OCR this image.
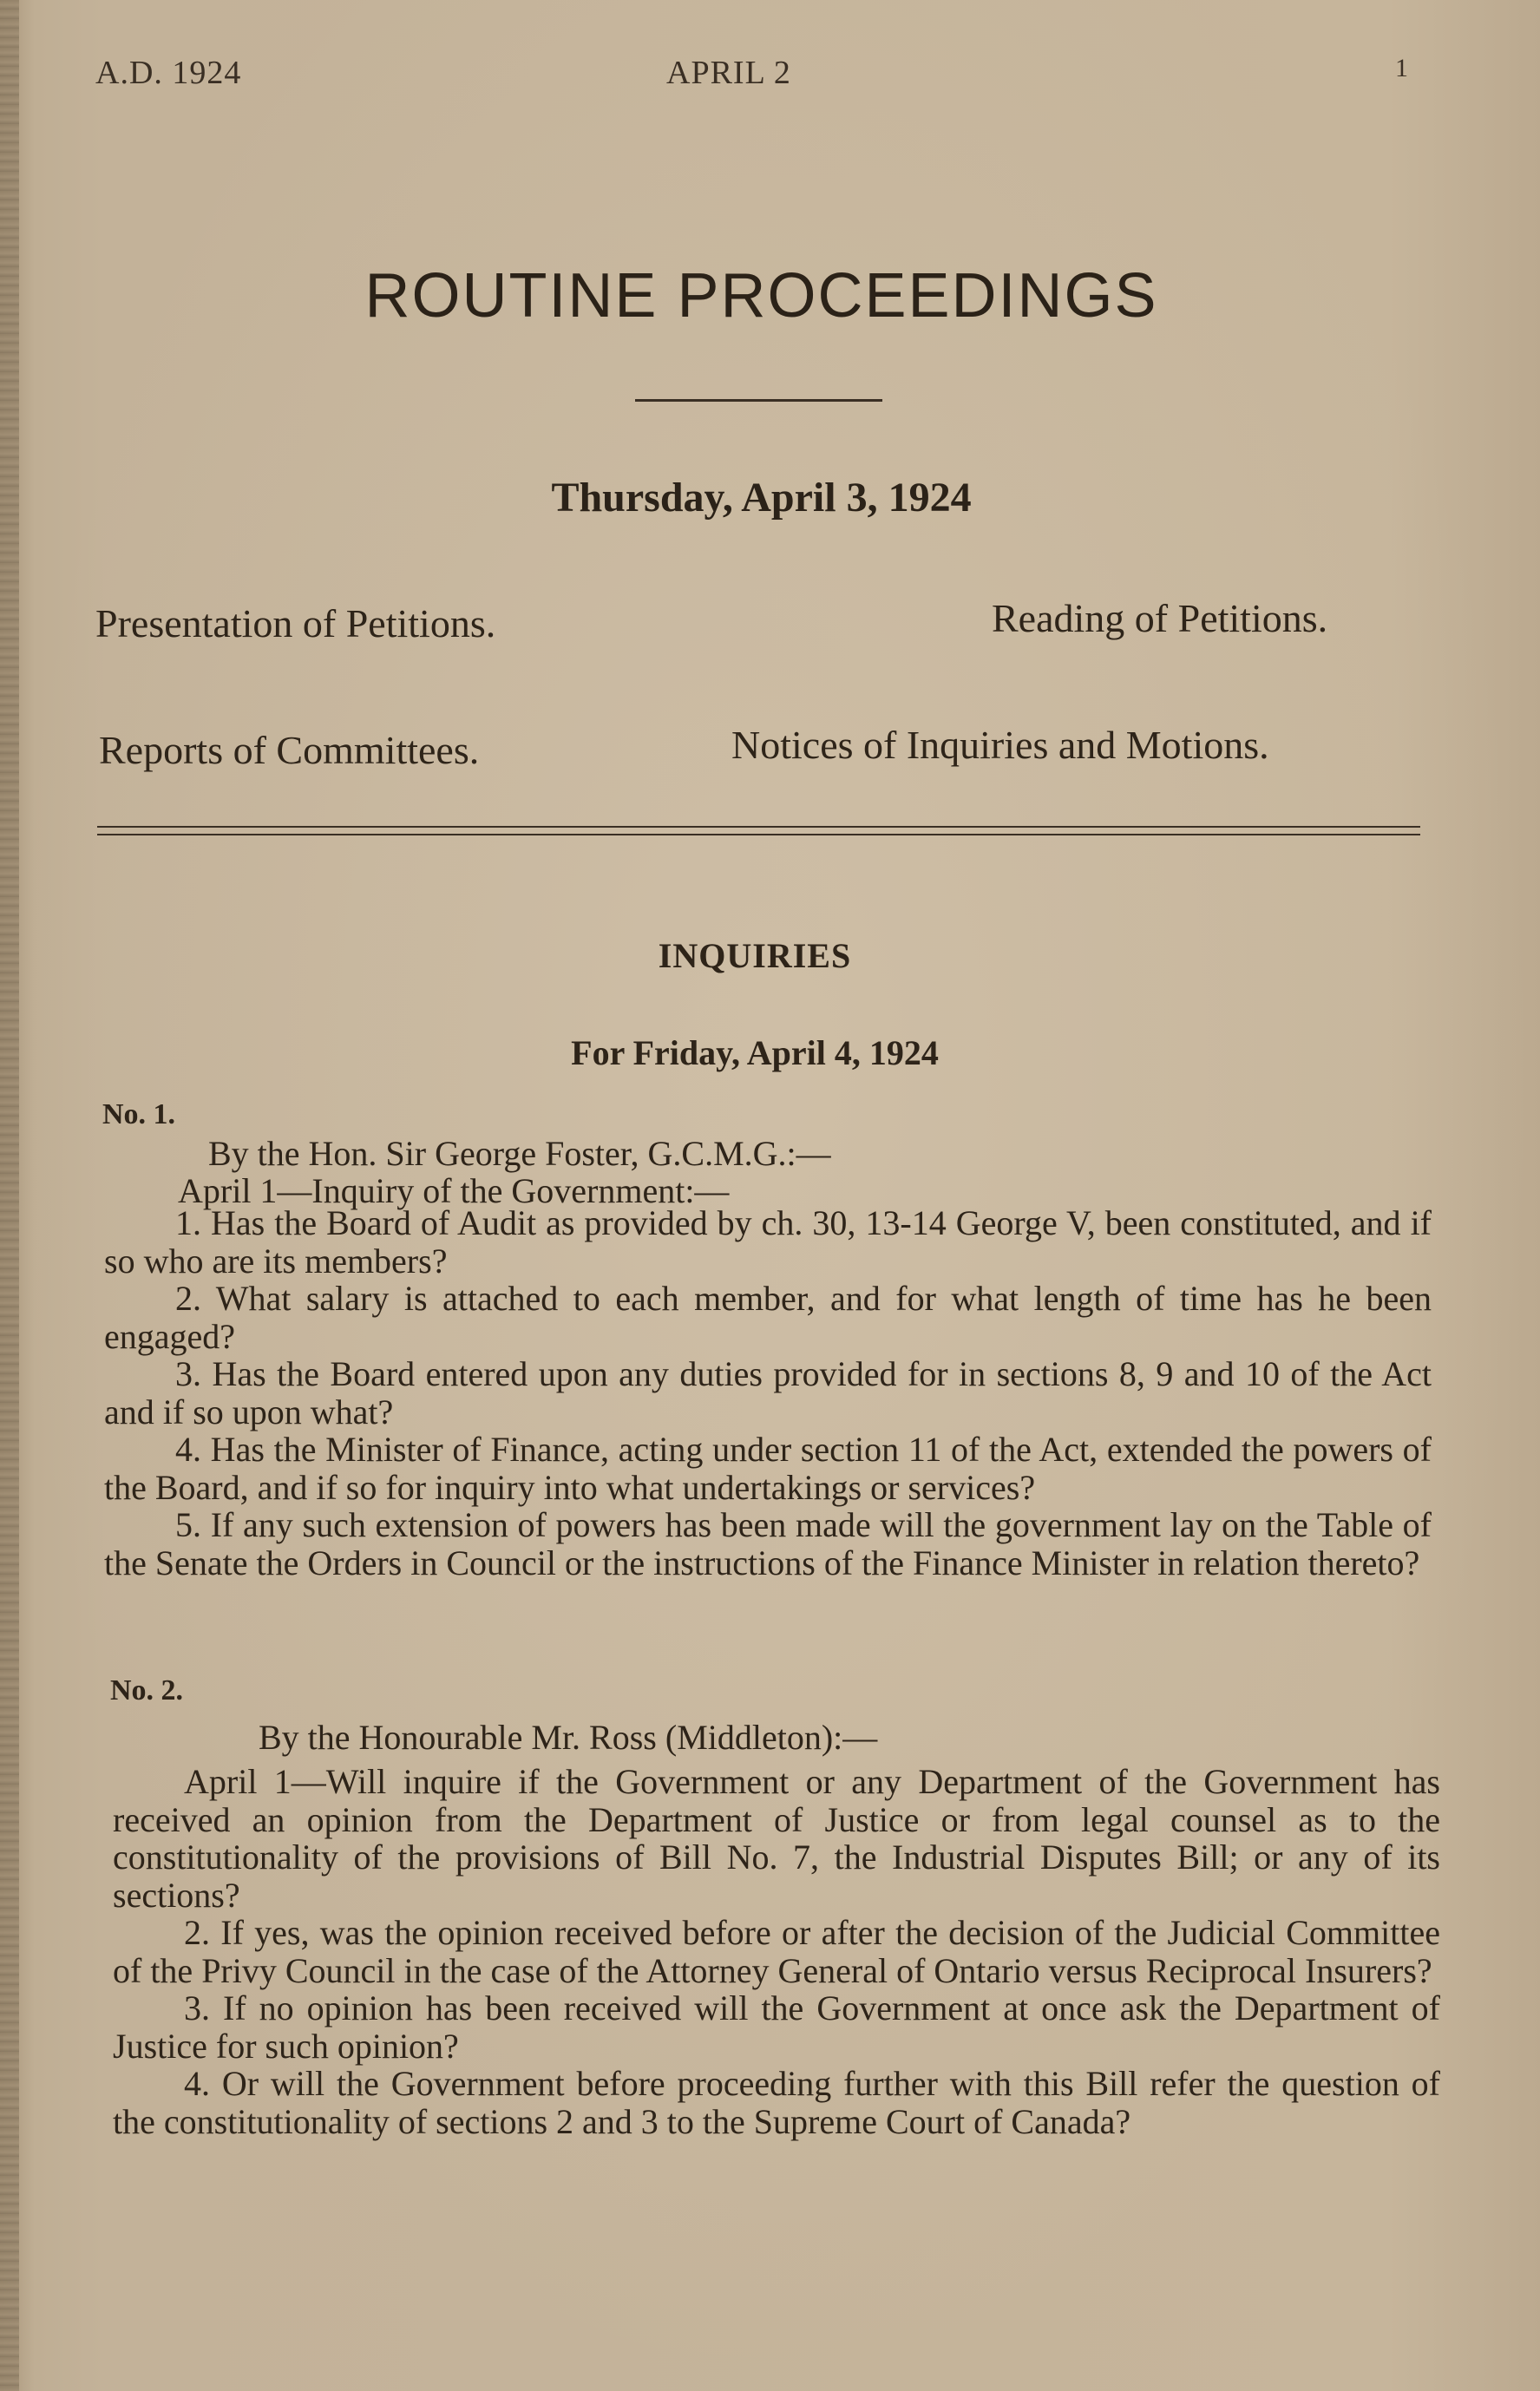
A.D. 1924	APRIL 2	1
ROUTINE PROCEEDINGS
Thursday, April 3, 1924
Presentation of Petitions.	Reading of Petitions.
Reports of Committees.	Notices of Inquiries and Motions.
INQUIRIES
For Friday, April 4, 1924
No. 1.
By the Hon. Sir George Foster, G.C.M.G.:—
April 1—Inquiry of the Government:—

1. Has the Board of Audit as provided by ch. 30, 13-14 George V, been constituted, and if so who are its members?

2. What salary is attached to each member, and for what length of time has he been engaged?

3. Has the Board entered upon any duties provided for in sections 8, 9 and 10 of the Act and if so upon what?

4. Has the Minister of Finance, acting under section 11 of the Act, extended the powers of the Board, and if so for inquiry into what undertakings or services?

5. If any such extension of powers has been made will the government lay on the Table of the Senate the Orders in Council or the instructions of the Finance Minister in relation thereto?

No. 2.
By the Honourable Mr. Ross (Middleton):—

April 1—Will inquire if the Government or any Department of the Government has received an opinion from the Department of Justice or from legal counsel as to the constitutionality of the provisions of Bill No. 7, the Industrial Disputes Bill; or any of its sections?

2. If yes, was the opinion received before or after the decision of the Judicial Committee of the Privy Council in the case of the Attorney General of Ontario versus Reciprocal Insurers?

3. If no opinion has been received will the Government at once ask the Department of Justice for such opinion?

4. Or will the Government before proceeding further with this Bill refer the question of the constitutionality of sections 2 and 3 to the Supreme Court of Canada?
